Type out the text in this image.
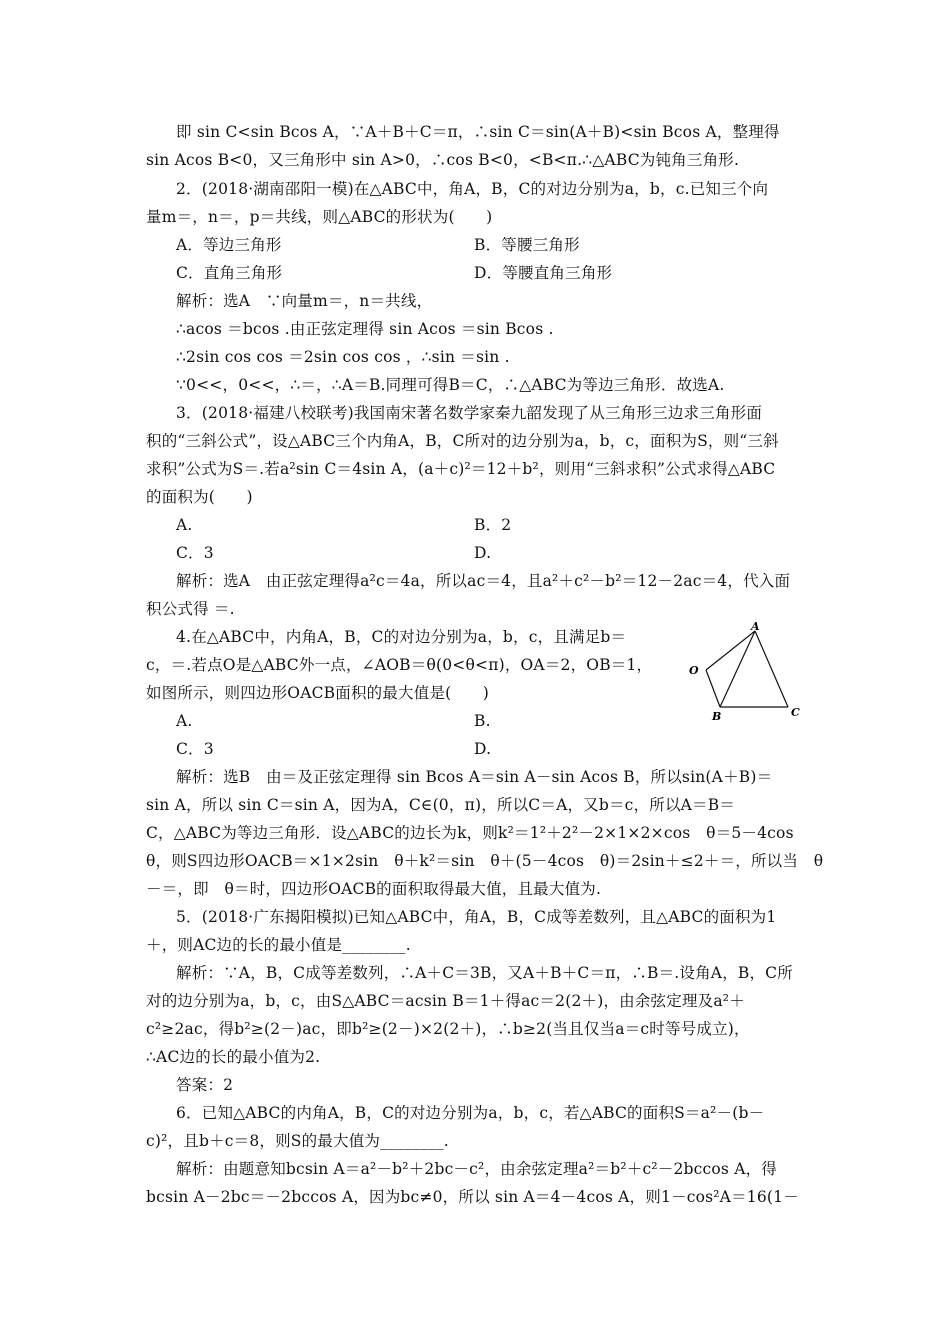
即 sin C<sin Bcos A，∵A＋B＋C＝π，∴sin C＝sin(A＋B)<sin Bcos A，整理得
sin Acos B<0，又三角形中 sin A>0，∴cos B<0，<B<π.∴△ABC为钝角三角形.
2．(2018·湖南邵阳一模)在△ABC中，角A，B，C的对边分别为a，b，c.已知三个向
量m＝，n＝，p＝共线，则△ABC的形状为(　　)
A．等边三角形	B．等腰三角形
C．直角三角形	D．等腰直角三角形
解析：选A　∵向量m＝，n＝共线，
∴acos ＝bcos .由正弦定理得 sin Acos ＝sin Bcos .
∴2sin cos cos ＝2sin cos cos ，∴sin ＝sin .
∵0<<，0<<，∴＝，∴A＝B.同理可得B＝C，∴△ABC为等边三角形．故选A.
3．(2018·福建八校联考)我国南宋著名数学家秦九韶发现了从三角形三边求三角形面
积的“三斜公式”，设△ABC三个内角A，B，C所对的边分别为a，b，c，面积为S，则“三斜
求积”公式为S＝.若a²sin C＝4sin A，(a＋c)²＝12＋b²，则用“三斜求积”公式求得△ABC
的面积为(　　)
A.	B．2
C．3	D.
解析：选A　由正弦定理得a²c＝4a，所以ac＝4，且a²＋c²－b²＝12－2ac＝4，代入面
积公式得 ＝.
4.在△ABC中，内角A，B，C的对边分别为a，b，c，且满足b＝
c，＝.若点O是△ABC外一点，∠AOB＝θ(0<θ<π)，OA＝2，OB＝1，
如图所示，则四边形OACB面积的最大值是(　　)
A.	B.
C．3	D.
解析：选B　由＝及正弦定理得 sin Bcos A＝sin A－sin Acos B，所以sin(A＋B)＝
sin A，所以 sin C＝sin A，因为A，C∈(0，π)，所以C＝A，又b＝c，所以A＝B＝
C，△ABC为等边三角形．设△ABC的边长为k，则k²＝1²＋2²－2×1×2×cos　θ＝5－4cos
θ，则S四边形OACB＝×1×2sin　θ＋k²＝sin　θ＋(5－4cos　θ)＝2sin＋≤2＋＝，所以当　θ
－＝，即　θ＝时，四边形OACB的面积取得最大值，且最大值为.
5．(2018·广东揭阳模拟)已知△ABC中，角A，B，C成等差数列，且△ABC的面积为1
＋，则AC边的长的最小值是________.
解析：∵A，B，C成等差数列，∴A＋C＝3B，又A＋B＋C＝π，∴B＝.设角A，B，C所
对的边分别为a，b，c，由S△ABC＝acsin B＝1＋得ac＝2(2＋)，由余弦定理及a²＋
c²≥2ac，得b²≥(2－)ac，即b²≥(2－)×2(2＋)，∴b≥2(当且仅当a＝c时等号成立)，
∴AC边的长的最小值为2.
答案：2
6．已知△ABC的内角A，B，C的对边分别为a，b，c，若△ABC的面积S＝a²－(b－
c)²，且b＋c＝8，则S的最大值为________.
解析：由题意知bcsin A＝a²－b²＋2bc－c²，由余弦定理a²＝b²＋c²－2bccos A，得
bcsin A－2bc＝－2bccos A，因为bc≠0，所以 sin A＝4－4cos A，则1－cos²A＝16(1－
A
O
B	C
